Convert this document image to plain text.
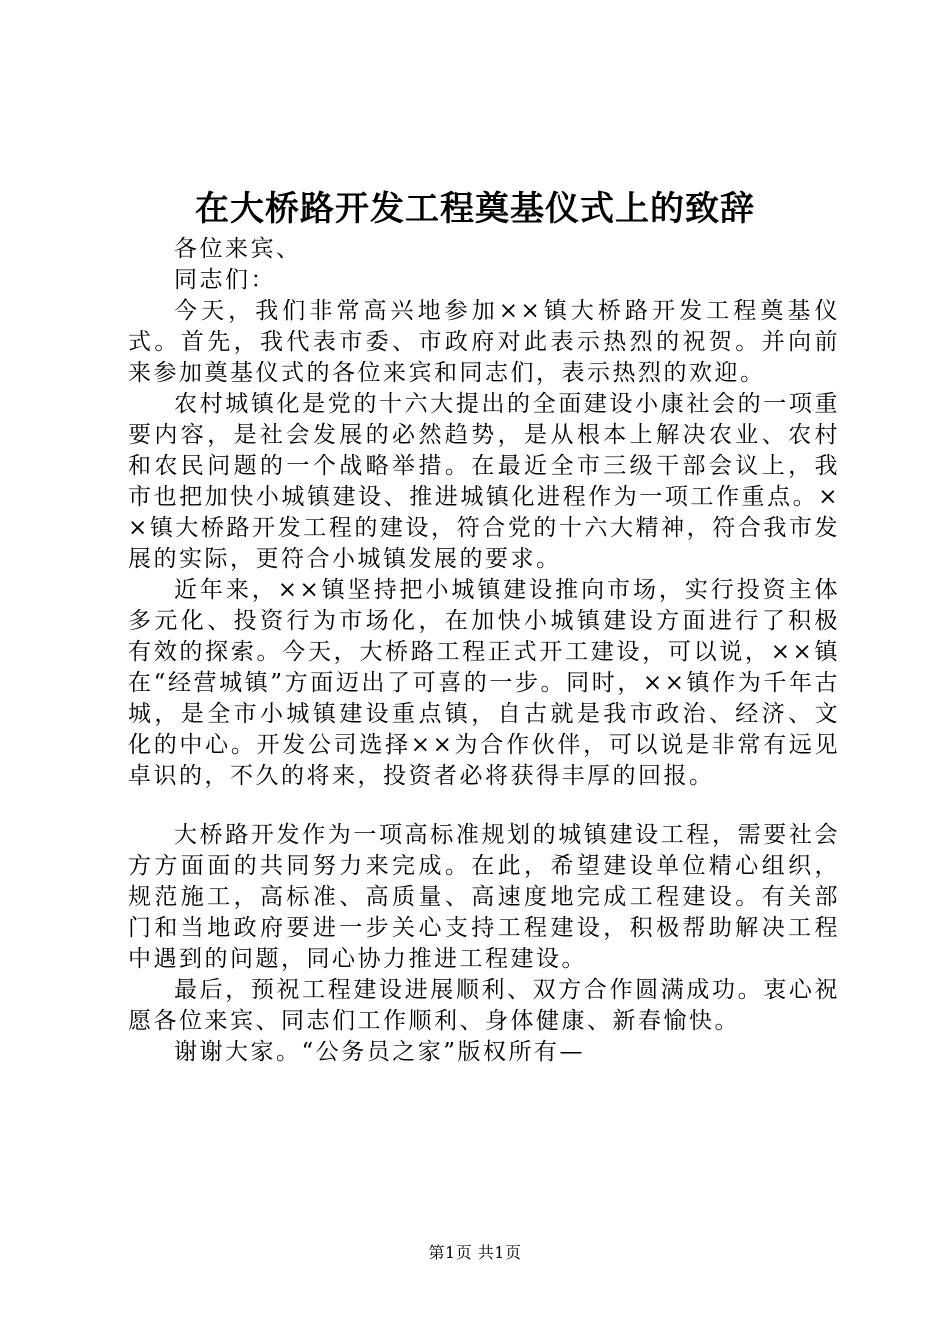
在大桥路开发工程奠基仪式上的致辞

各位来宾、

同志们：

今天，我们非常高兴地参加××镇大桥路开发工程奠基仪式。首先，我代表市委、市政府对此表示热烈的祝贺。并向前来参加奠基仪式的各位来宾和同志们，表示热烈的欢迎。

农村城镇化是党的十六大提出的全面建设小康社会的一项重要内容，是社会发展的必然趋势，是从根本上解决农业、农村和农民问题的一个战略举措。在最近全市三级干部会议上，我市也把加快小城镇建设、推进城镇化进程作为一项工作重点。××镇大桥路开发工程的建设，符合党的十六大精神，符合我市发展的实际，更符合小城镇发展的要求。

近年来，××镇坚持把小城镇建设推向市场，实行投资主体多元化、投资行为市场化，在加快小城镇建设方面进行了积极有效的探索。今天，大桥路工程正式开工建设，可以说，××镇在“经营城镇”方面迈出了可喜的一步。同时，××镇作为千年古城，是全市小城镇建设重点镇，自古就是我市政治、经济、文化的中心。开发公司选择××为合作伙伴，可以说是非常有远见卓识的，不久的将来，投资者必将获得丰厚的回报。

大桥路开发作为一项高标准规划的城镇建设工程，需要社会方方面面的共同努力来完成。在此，希望建设单位精心组织，规范施工，高标准、高质量、高速度地完成工程建设。有关部门和当地政府要进一步关心支持工程建设，积极帮助解决工程中遇到的问题，同心协力推进工程建设。

最后，预祝工程建设进展顺利、双方合作圆满成功。衷心祝愿各位来宾、同志们工作顺利、身体健康、新春愉快。

谢谢大家。“公务员之家”版权所有—

第1页 共1页
